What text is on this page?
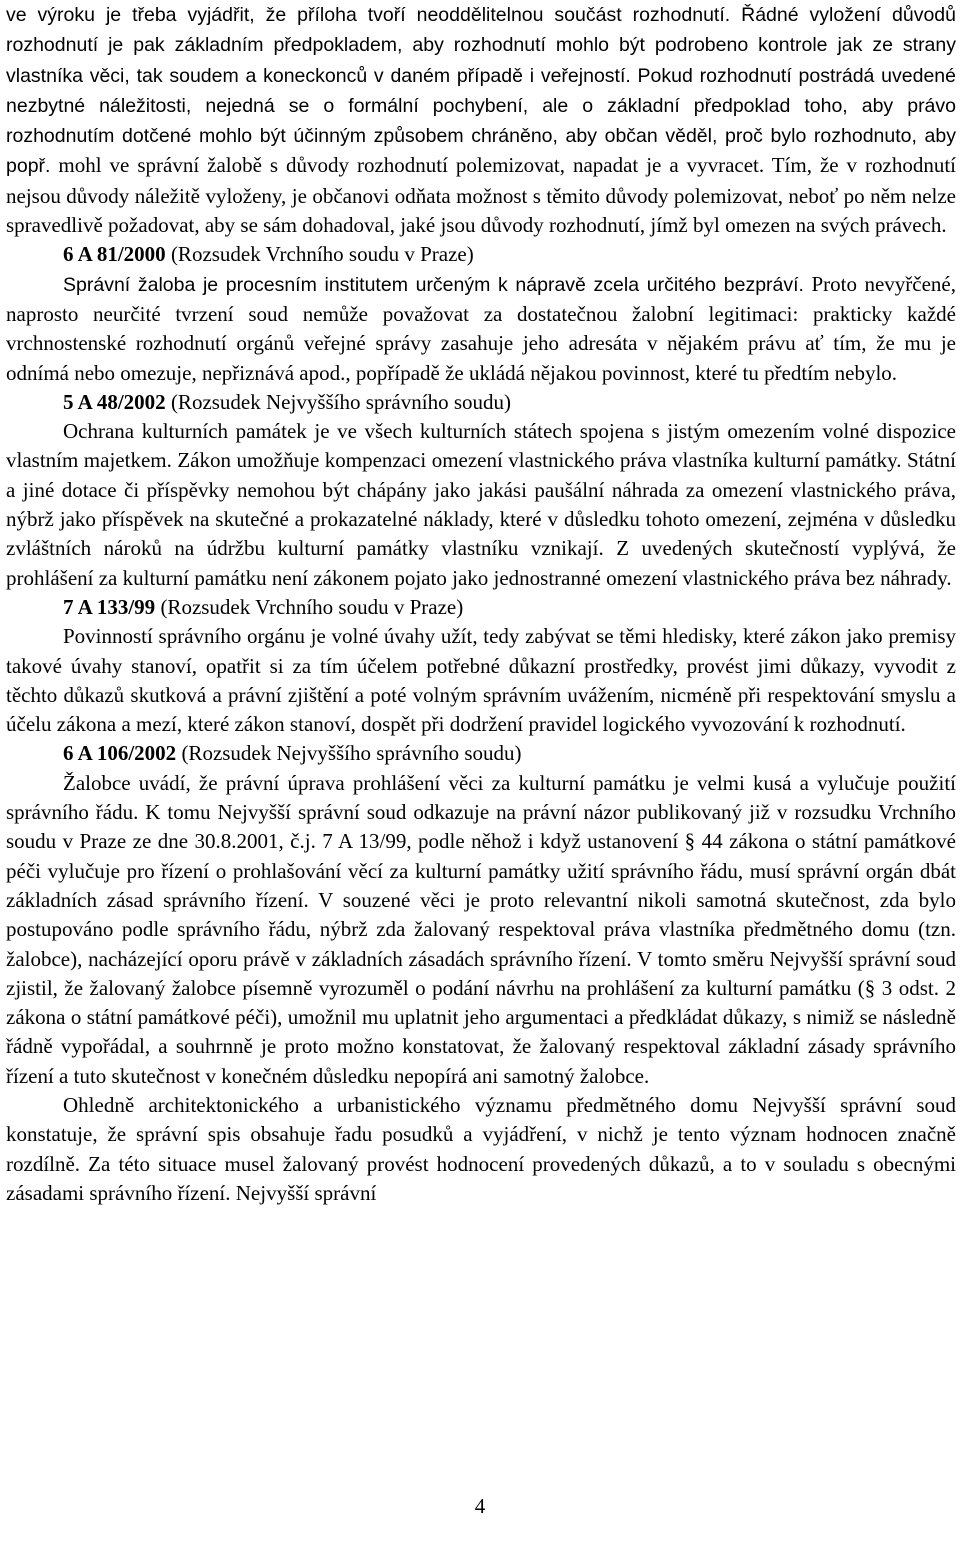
ve výroku je třeba vyjádřit, že příloha tvoří neoddělitelnou součást rozhodnutí. Řádné vyložení důvodů rozhodnutí je pak základním předpokladem, aby rozhodnutí mohlo být podrobeno kontrole jak ze strany vlastníka věci, tak soudem a koneckonců v daném případě i veřejností. Pokud rozhodnutí postrádá uvedené nezbytné náležitosti, nejedná se o formální pochybení, ale o základní předpoklad toho, aby právo rozhodnutím dotčené mohlo být účinným způsobem chráněno, aby občan věděl, proč bylo rozhodnuto, aby popř. mohl ve správní žalobě s důvody rozhodnutí polemizovat, napadat je a vyvracet. Tím, že v rozhodnutí nejsou důvody náležitě vyloženy, je občanovi odňata možnost s těmito důvody polemizovat, neboť po něm nelze spravedlivě požadovat, aby se sám dohadoval, jaké jsou důvody rozhodnutí, jímž byl omezen na svých právech.

6 A 81/2000 (Rozsudek Vrchního soudu v Praze)

Správní žaloba je procesním institutem určeným k nápravě zcela určitého bezpráví. Proto nevyřčené, naprosto neurčité tvrzení soud nemůže považovat za dostatečnou žalobní legitimaci: prakticky každé vrchnostenské rozhodnutí orgánů veřejné správy zasahuje jeho adresáta v nějakém právu ať tím, že mu je odnímá nebo omezuje, nepřiznává apod., popřípadě že ukládá nějakou povinnost, které tu předtím nebylo.

5 A 48/2002 (Rozsudek Nejvyššího správního soudu)

Ochrana kulturních památek je ve všech kulturních státech spojena s jistým omezením volné dispozice vlastním majetkem. Zákon umožňuje kompenzaci omezení vlastnického práva vlastníka kulturní památky. Státní a jiné dotace či příspěvky nemohou být chápány jako jakási paušální náhrada za omezení vlastnického práva, nýbrž jako příspěvek na skutečné a prokazatelné náklady, které v důsledku tohoto omezení, zejména v důsledku zvláštních nároků na údržbu kulturní památky vlastníku vznikají. Z uvedených skutečností vyplývá, že prohlášení za kulturní památku není zákonem pojato jako jednostranné omezení vlastnického práva bez náhrady.

7 A 133/99 (Rozsudek Vrchního soudu v Praze)

Povinností správního orgánu je volné úvahy užít, tedy zabývat se těmi hledisky, které zákon jako premisy takové úvahy stanoví, opatřit si za tím účelem potřebné důkazní prostředky, provést jimi důkazy, vyvodit z těchto důkazů skutková a právní zjištění a poté volným správním uvážením, nicméně při respektování smyslu a účelu zákona a mezí, které zákon stanoví, dospět při dodržení pravidel logického vyvozování k rozhodnutí.

6 A 106/2002 (Rozsudek Nejvyššího správního soudu)

Žalobce uvádí, že právní úprava prohlášení věci za kulturní památku je velmi kusá a vylučuje použití správního řádu. K tomu Nejvyšší správní soud odkazuje na právní názor publikovaný již v rozsudku Vrchního soudu v Praze ze dne 30.8.2001, č.j. 7 A 13/99, podle něhož i když ustanovení § 44 zákona o státní památkové péči vylučuje pro řízení o prohlašování věcí za kulturní památky užití správního řádu, musí správní orgán dbát základních zásad správního řízení. V souzené věci je proto relevantní nikoli samotná skutečnost, zda bylo postupováno podle správního řádu, nýbrž zda žalovaný respektoval práva vlastníka předmětného domu (tzn. žalobce), nacházející oporu právě v základních zásadách správního řízení. V tomto směru Nejvyšší správní soud zjistil, že žalovaný žalobce písemně vyrozuměl o podání návrhu na prohlášení za kulturní památku (§ 3 odst. 2 zákona o státní památkové péči), umožnil mu uplatnit jeho argumentaci a předkládat důkazy, s nimiž se následně řádně vypořádal, a souhrnně je proto možno konstatovat, že žalovaný respektoval základní zásady správního řízení a tuto skutečnost v konečném důsledku nepopírá ani samotný žalobce.

Ohledně architektonického a urbanistického významu předmětného domu Nejvyšší správní soud konstatuje, že správní spis obsahuje řadu posudků a vyjádření, v nichž je tento význam hodnocen značně rozdílně. Za této situace musel žalovaný provést hodnocení provedených důkazů, a to v souladu s obecnými zásadami správního řízení. Nejvyšší správní

4
